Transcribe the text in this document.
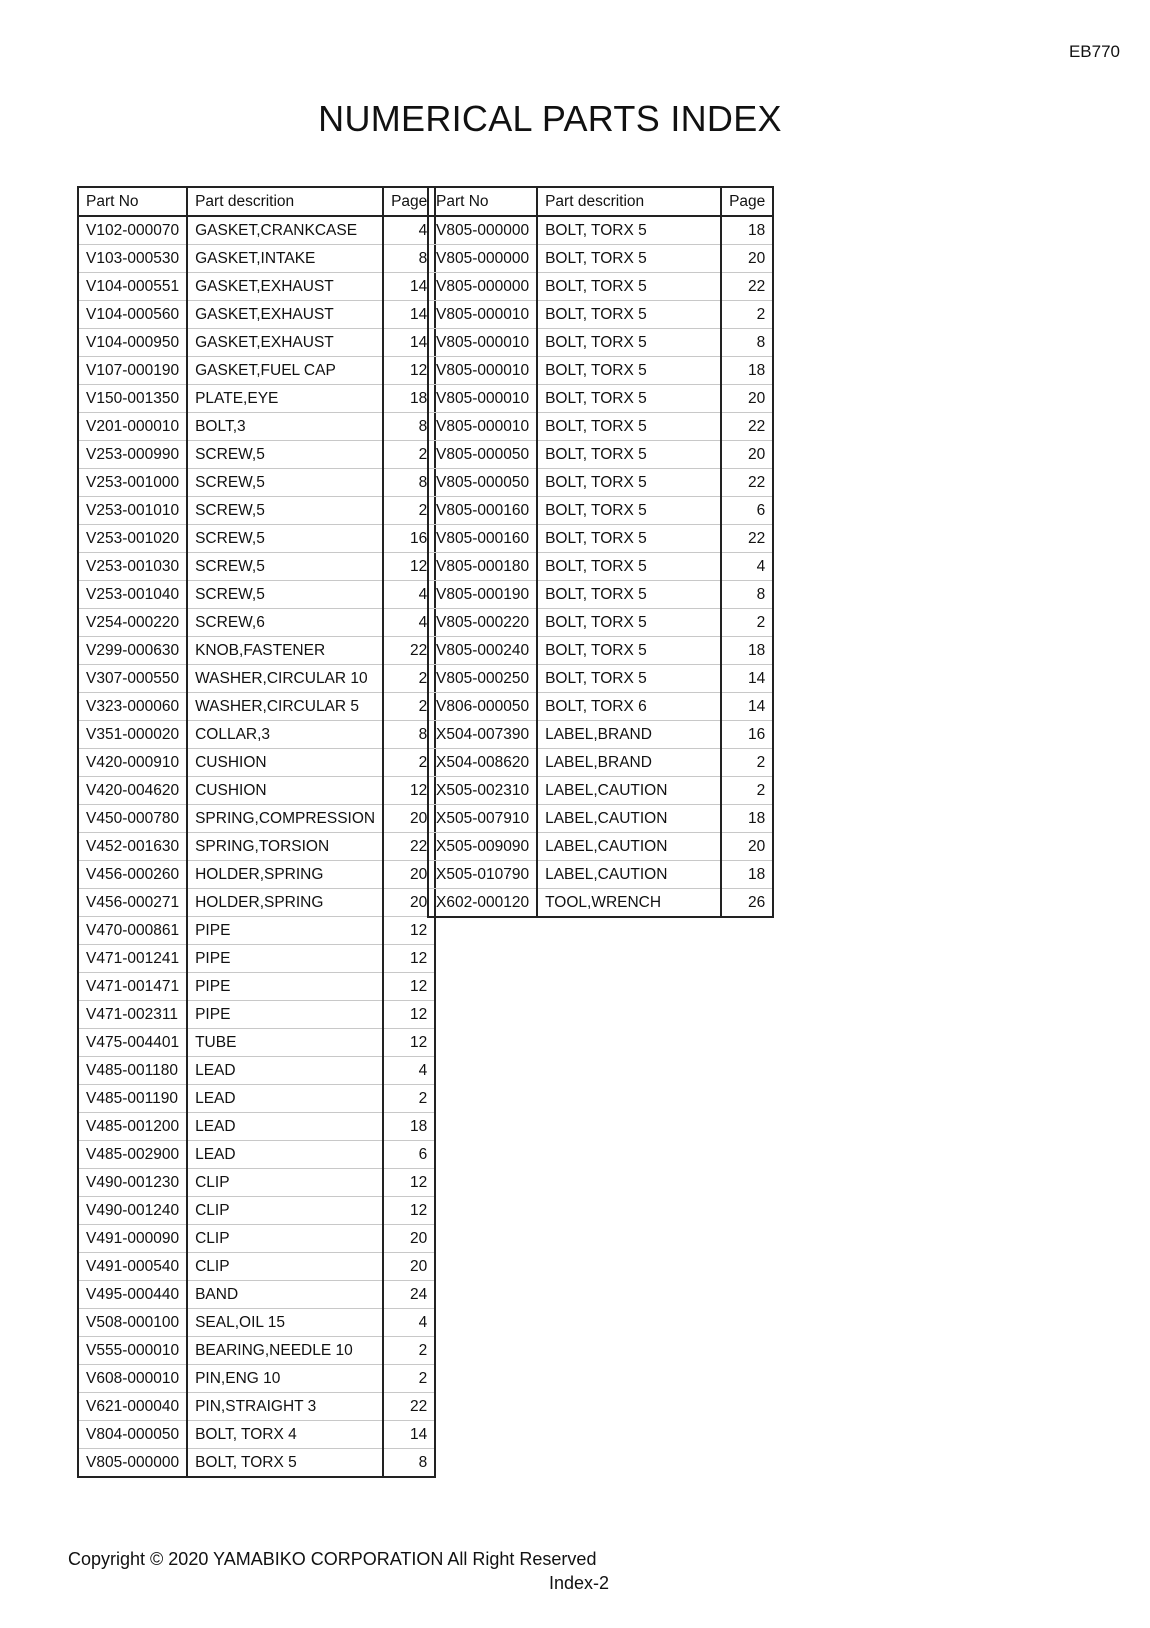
EB770
NUMERICAL PARTS INDEX
Part No	Part descrition	Page
V102-000070	GASKET,CRANKCASE	4
V103-000530	GASKET,INTAKE	8
V104-000551	GASKET,EXHAUST	14
V104-000560	GASKET,EXHAUST	14
V104-000950	GASKET,EXHAUST	14
V107-000190	GASKET,FUEL CAP	12
V150-001350	PLATE,EYE	18
V201-000010	BOLT,3	8
V253-000990	SCREW,5	2
V253-001000	SCREW,5	8
V253-001010	SCREW,5	2
V253-001020	SCREW,5	16
V253-001030	SCREW,5	12
V253-001040	SCREW,5	4
V254-000220	SCREW,6	4
V299-000630	KNOB,FASTENER	22
V307-000550	WASHER,CIRCULAR 10	2
V323-000060	WASHER,CIRCULAR 5	2
V351-000020	COLLAR,3	8
V420-000910	CUSHION	2
V420-004620	CUSHION	12
V450-000780	SPRING,COMPRESSION	20
V452-001630	SPRING,TORSION	22
V456-000260	HOLDER,SPRING	20
V456-000271	HOLDER,SPRING	20
V470-000861	PIPE	12
V471-001241	PIPE	12
V471-001471	PIPE	12
V471-002311	PIPE	12
V475-004401	TUBE	12
V485-001180	LEAD	4
V485-001190	LEAD	2
V485-001200	LEAD	18
V485-002900	LEAD	6
V490-001230	CLIP	12
V490-001240	CLIP	12
V491-000090	CLIP	20
V491-000540	CLIP	20
V495-000440	BAND	24
V508-000100	SEAL,OIL 15	4
V555-000010	BEARING,NEEDLE 10	2
V608-000010	PIN,ENG 10	2
V621-000040	PIN,STRAIGHT 3	22
V804-000050	BOLT, TORX 4	14
V805-000000	BOLT, TORX 5	8
Part No	Part descrition	Page
V805-000000	BOLT, TORX 5	18
V805-000000	BOLT, TORX 5	20
V805-000000	BOLT, TORX 5	22
V805-000010	BOLT, TORX 5	2
V805-000010	BOLT, TORX 5	8
V805-000010	BOLT, TORX 5	18
V805-000010	BOLT, TORX 5	20
V805-000010	BOLT, TORX 5	22
V805-000050	BOLT, TORX 5	20
V805-000050	BOLT, TORX 5	22
V805-000160	BOLT, TORX 5	6
V805-000160	BOLT, TORX 5	22
V805-000180	BOLT, TORX 5	4
V805-000190	BOLT, TORX 5	8
V805-000220	BOLT, TORX 5	2
V805-000240	BOLT, TORX 5	18
V805-000250	BOLT, TORX 5	14
V806-000050	BOLT, TORX 6	14
X504-007390	LABEL,BRAND	16
X504-008620	LABEL,BRAND	2
X505-002310	LABEL,CAUTION	2
X505-007910	LABEL,CAUTION	18
X505-009090	LABEL,CAUTION	20
X505-010790	LABEL,CAUTION	18
X602-000120	TOOL,WRENCH	26
Copyright © 2020 YAMABIKO CORPORATION All Right Reserved
Index-2
